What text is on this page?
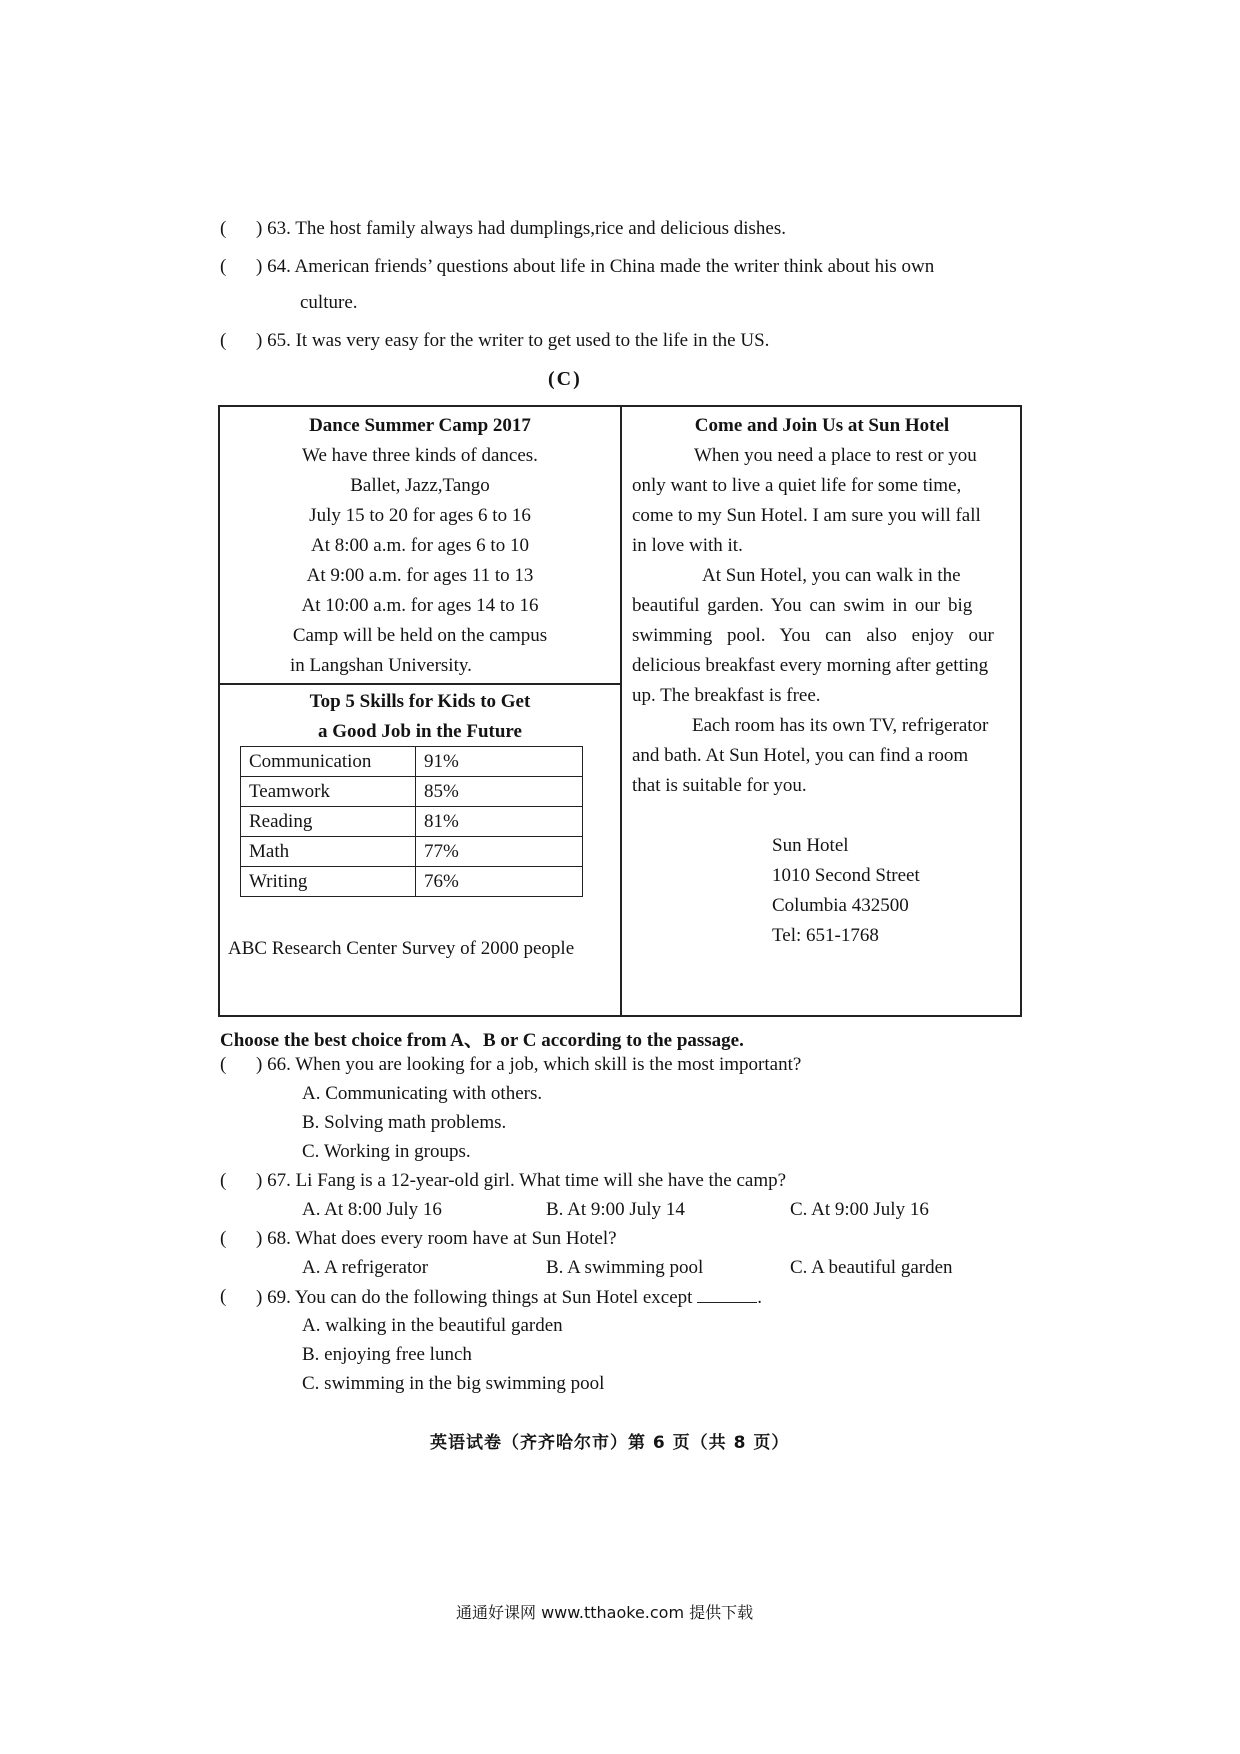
(	) 63. The host family always had dumplings,rice and delicious dishes.
(	) 64. American friends’ questions about life in China made the writer think about his own
culture.
(	) 65. It was very easy for the writer to get used to the life in the US.
(C)
Dance Summer Camp 2017
We have three kinds of dances.
Ballet, Jazz,Tango
July 15 to 20 for ages 6 to 16
At 8:00 a.m. for ages 6 to 10
At 9:00 a.m. for ages 11 to 13
At 10:00 a.m. for ages 14 to 16
Camp will be held on the campus
in Langshan University.
Top 5 Skills for Kids to Get
a Good Job in the Future
Communication	91%
Teamwork	85%
Reading	81%
Math	77%
Writing	76%
ABC Research Center Survey of 2000 people
Come and Join Us at Sun Hotel
When you need a place to rest or you
only want to live a quiet life for some time,
come to my Sun Hotel. I am sure you will fall
in love with it.
At Sun Hotel, you can walk in the
beautiful garden. You can swim in our big
swimming pool. You can also enjoy our
delicious breakfast every morning after getting
up. The breakfast is free.
Each room has its own TV, refrigerator
and bath. At Sun Hotel, you can find a room
that is suitable for you.
Sun Hotel
1010 Second Street
Columbia 432500
Tel: 651-1768
Choose the best choice from A、B or C according to the passage.
( ) 66. When you are looking for a job, which skill is the most important?
A. Communicating with others.
B. Solving math problems.
C. Working in groups.
( ) 67. Li Fang is a 12-year-old girl. What time will she have the camp?
A. At 8:00 July 16	B. At 9:00 July 14	C. At 9:00 July 16
( ) 68. What does every room have at Sun Hotel?
A. A refrigerator	B. A swimming pool	C. A beautiful garden
( ) 69. You can do the following things at Sun Hotel except	.
A. walking in the beautiful garden
B. enjoying free lunch
C. swimming in the big swimming pool
英语试卷（齐齐哈尔市）第 6 页（共 8 页）
通通好课网 www.tthaoke.com 提供下载
